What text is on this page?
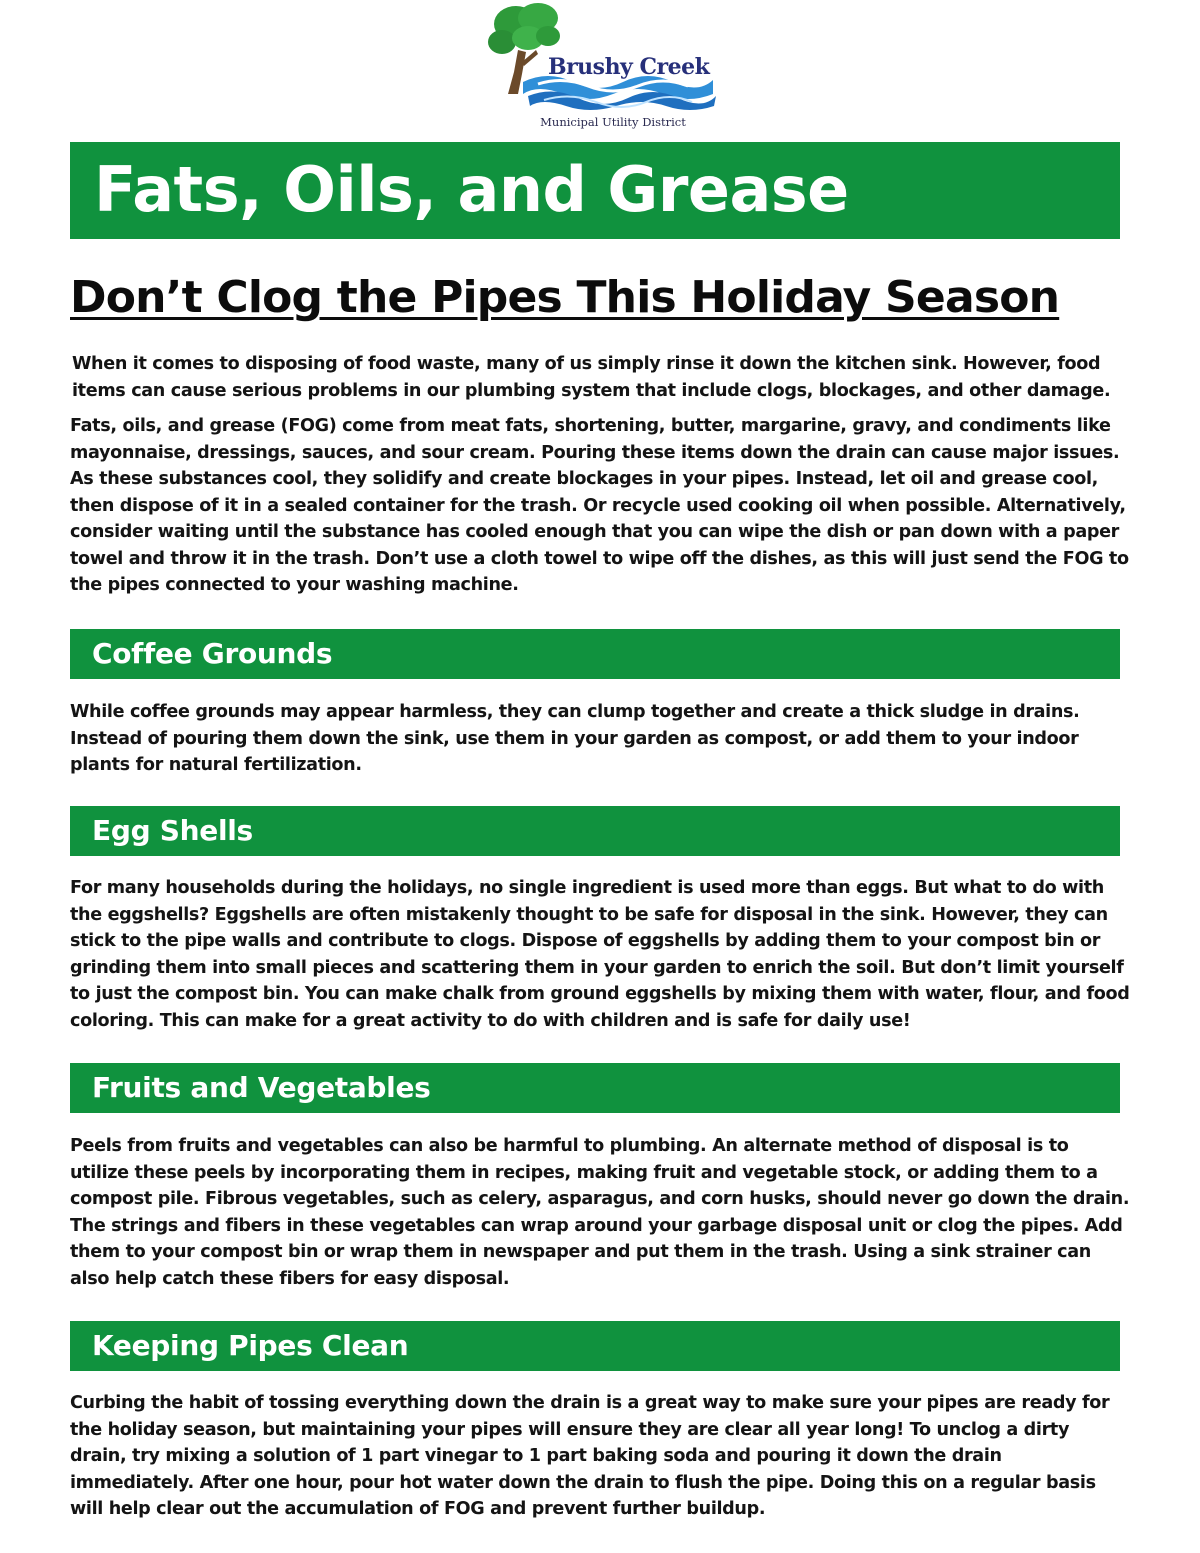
Brushy Creek
Municipal Utility District
Fats, Oils, and Grease
Don’t Clog the Pipes This Holiday Season

When it comes to disposing of food waste, many of us simply rinse it down the kitchen sink. However, food items can cause serious problems in our plumbing system that include clogs, blockages, and other damage.

Fats, oils, and grease (FOG) come from meat fats, shortening, butter, margarine, gravy, and condiments like mayonnaise, dressings, sauces, and sour cream. Pouring these items down the drain can cause major issues. As these substances cool, they solidify and create blockages in your pipes. Instead, let oil and grease cool, then dispose of it in a sealed container for the trash. Or recycle used cooking oil when possible. Alternatively, consider waiting until the substance has cooled enough that you can wipe the dish or pan down with a paper towel and throw it in the trash. Don’t use a cloth towel to wipe off the dishes, as this will just send the FOG to the pipes connected to your washing machine.

Coffee Grounds

While coffee grounds may appear harmless, they can clump together and create a thick sludge in drains. Instead of pouring them down the sink, use them in your garden as compost, or add them to your indoor plants for natural fertilization.

Egg Shells

For many households during the holidays, no single ingredient is used more than eggs. But what to do with the eggshells? Eggshells are often mistakenly thought to be safe for disposal in the sink. However, they can stick to the pipe walls and contribute to clogs. Dispose of eggshells by adding them to your compost bin or grinding them into small pieces and scattering them in your garden to enrich the soil. But don’t limit yourself to just the compost bin. You can make chalk from ground eggshells by mixing them with water, flour, and food coloring. This can make for a great activity to do with children and is safe for daily use!

Fruits and Vegetables

Peels from fruits and vegetables can also be harmful to plumbing. An alternate method of disposal is to utilize these peels by incorporating them in recipes, making fruit and vegetable stock, or adding them to a compost pile. Fibrous vegetables, such as celery, asparagus, and corn husks, should never go down the drain. The strings and fibers in these vegetables can wrap around your garbage disposal unit or clog the pipes. Add them to your compost bin or wrap them in newspaper and put them in the trash. Using a sink strainer can also help catch these fibers for easy disposal.

Keeping Pipes Clean

Curbing the habit of tossing everything down the drain is a great way to make sure your pipes are ready for the holiday season, but maintaining your pipes will ensure they are clear all year long! To unclog a dirty drain, try mixing a solution of 1 part vinegar to 1 part baking soda and pouring it down the drain immediately. After one hour, pour hot water down the drain to flush the pipe. Doing this on a regular basis will help clear out the accumulation of FOG and prevent further buildup.
